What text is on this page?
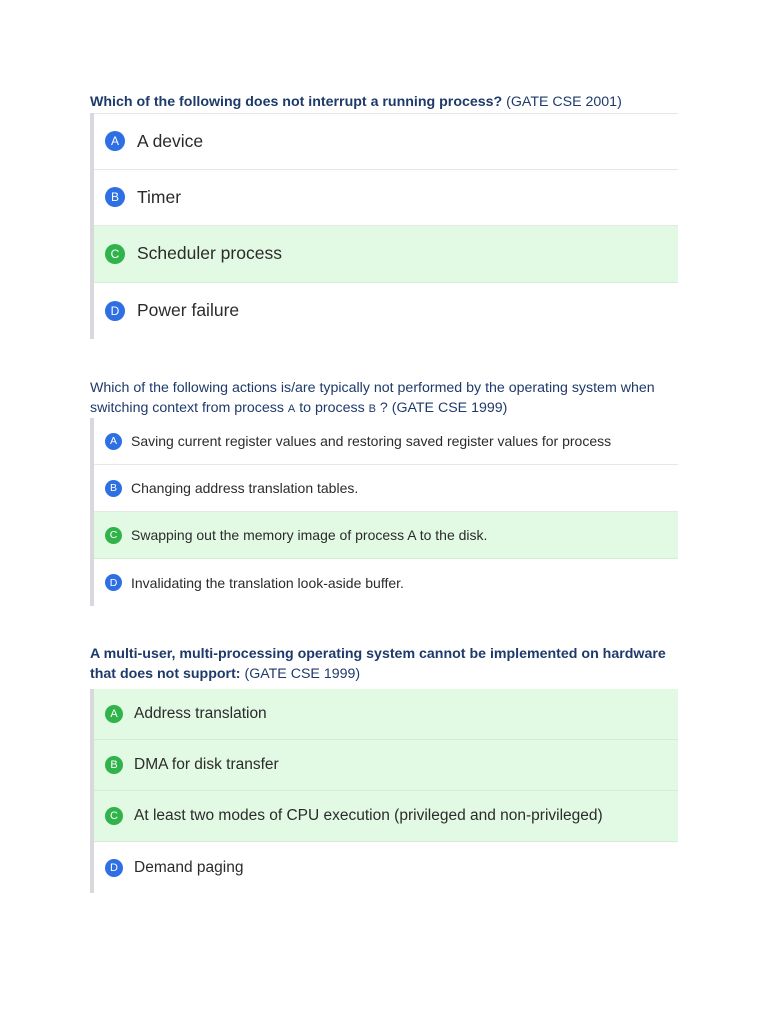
Which of the following does not interrupt a running process? (GATE CSE 2001)

A	A device
B	Timer
C	Scheduler process
D	Power failure

Which of the following actions is/are typically not performed by the operating system when switching context from process A to process B ? (GATE CSE 1999)

A	Saving current register values and restoring saved register values for process
B	Changing address translation tables.
C Swapping out the memory image of process A to the disk.
D Invalidating the translation look-aside buffer.

A multi-user, multi-processing operating system cannot be implemented on hardware that does not support: (GATE CSE 1999)

A	Address translation
B	DMA for disk transfer
C	At least two modes of CPU execution (privileged and non-privileged)
D	Demand paging
